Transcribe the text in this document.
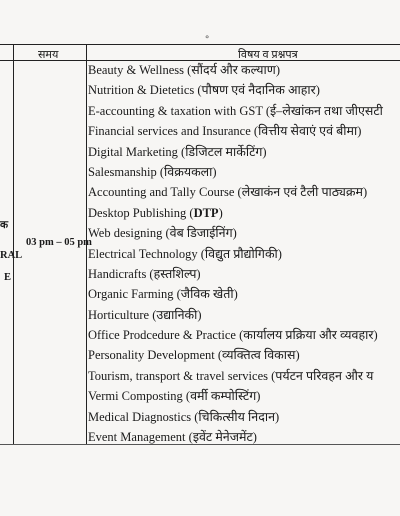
॰
समय	विषय व प्रश्नपत्र
क
RAL
E
03 pm – 05 pm
Beauty & Wellness (सौंदर्य और कल्याण)
Nutrition & Dietetics (पौषण एवं नैदानिक आहार)
E-accounting & taxation with GST (ई–लेखांकन तथा जीएसटी
Financial services and Insurance (वित्तीय सेवाएं एवं बीमा)
Digital Marketing (डिजिटल मार्केटिंग)
Salesmanship (विक्रयकला)
Accounting and Tally Course (लेखाकंन एवं टैली पाठ्यक्रम)
Desktop Publishing (DTP)
Web designing (वेब डिजाईनिंग)
Electrical Technology (विद्युत प्रौद्योगिकी)
Handicrafts (हस्तशिल्प)
Organic Farming (जैविक खेती)
Horticulture (उद्यानिकी)
Office Prodcedure & Practice (कार्यालय प्रक्रिया और व्यवहार)
Personality Development (व्यक्तित्व विकास)
Tourism, transport & travel services (पर्यटन परिवहन और य
Vermi Composting (वर्मी कम्पोस्टिंग)
Medical Diagnostics (चिकित्सीय निदान)
Event Management (इवेंट मेनेजमेंट)
